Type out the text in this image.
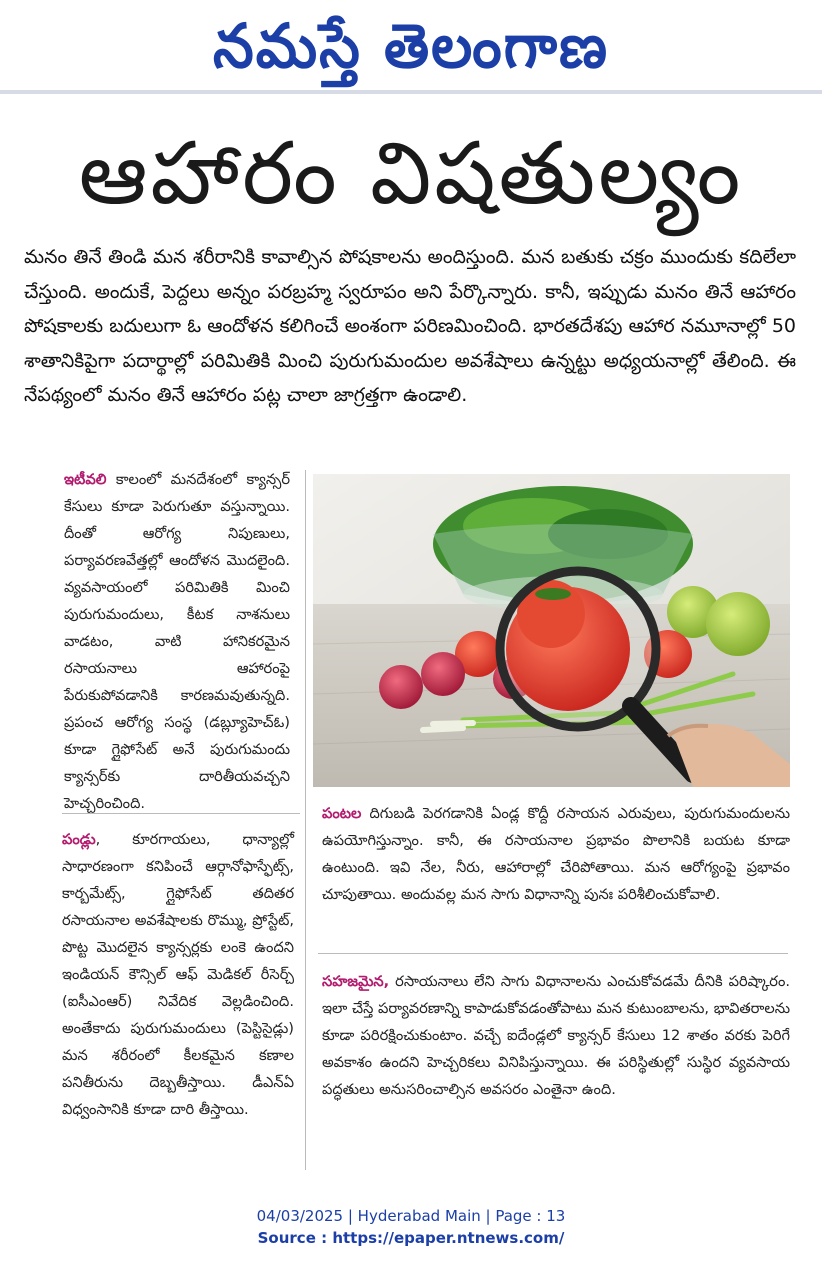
నమస్తే తెలంగాణ
ఆహారం విషతుల్యం
మనం తినే తిండి మన శరీరానికి కావాల్సిన పోషకాలను అందిస్తుంది. మన బతుకు చక్రం ముందుకు కదిలేలా చేస్తుంది. అందుకే, పెద్దలు అన్నం పరబ్రహ్మ స్వరూపం అని పేర్కొన్నారు. కానీ, ఇప్పుడు మనం తినే ఆహారం పోషకాలకు బదులుగా ఓ ఆందోళన కలిగించే అంశంగా పరిణమించింది. భారతదేశపు ఆహార నమూనాల్లో 50 శాతానికిపైగా పదార్థాల్లో పరిమితికి మించి పురుగుమందుల అవశేషాలు ఉన్నట్టు అధ్యయనాల్లో తేలింది. ఈ నేపథ్యంలో మనం తినే ఆహారం పట్ల చాలా జాగ్రత్తగా ఉండాలి.
ఇటీవలి కాలంలో మనదేశంలో క్యాన్సర్ కేసులు కూడా పెరుగుతూ వస్తున్నాయి. దీంతో ఆరోగ్య నిపుణులు, పర్యావరణవేత్తల్లో ఆందోళన మొదలైంది. వ్యవసాయంలో పరిమితికి మించి పురుగుమందులు, కీటక నాశనులు వాడటం, వాటి హానికరమైన రసాయనాలు ఆహారంపై పేరుకుపోవడానికి కారణమవుతున్నది. ప్రపంచ ఆరోగ్య సంస్థ (డబ్ల్యూహెచ్ఓ) కూడా గ్లైఫోసేట్ అనే పురుగుమందు క్యాన్సర్‌కు దారితీయవచ్చని హెచ్చరించింది.
పండ్లు, కూరగాయలు, ధాన్యాల్లో సాధారణంగా కనిపించే ఆర్గానోఫాస్ఫేట్స్, కార్బమేట్స్, గ్లైఫోసేట్ తదితర రసాయనాల అవశేషాలకు రొమ్ము, ప్రోస్టేట్, పొట్ట మొదలైన క్యాన్సర్లకు లంకె ఉందని ఇండియన్ కౌన్సిల్ ఆఫ్ మెడికల్ రీసెర్చ్ (ఐసీఎంఆర్) నివేదిక వెల్లడించింది. అంతేకాదు పురుగుమందులు (పెస్టిసైడ్లు) మన శరీరంలో కీలకమైన కణాల పనితీరును దెబ్బతీస్తాయి. డీఎన్ఏ విధ్వంసానికి కూడా దారి తీస్తాయి.
పంటల దిగుబడి పెరగడానికి ఏండ్ల కొద్దీ రసాయన ఎరువులు, పురుగుమందులను ఉపయోగిస్తున్నాం. కానీ, ఈ రసాయనాల ప్రభావం పొలానికి బయట కూడా ఉంటుంది. ఇవి నేల, నీరు, ఆహారాల్లో చేరిపోతాయి. మన ఆరోగ్యంపై ప్రభావం చూపుతాయి. అందువల్ల మన సాగు విధానాన్ని పునః పరిశీలించుకోవాలి.
సహజమైన, రసాయనాలు లేని సాగు విధానాలను ఎంచుకోవడమే దీనికి పరిష్కారం. ఇలా చేస్తే పర్యావరణాన్ని కాపాడుకోవడంతోపాటు మన కుటుంబాలను, భావితరాలను కూడా పరిరక్షించుకుంటాం. వచ్చే ఐదేండ్లలో క్యాన్సర్ కేసులు 12 శాతం వరకు పెరిగే అవకాశం ఉందని హెచ్చరికలు వినిపిస్తున్నాయి. ఈ పరిస్థితుల్లో సుస్థిర వ్యవసాయ పద్ధతులు అనుసరించాల్సిన అవసరం ఎంతైనా ఉంది.
04/03/2025 | Hyderabad Main | Page : 13
Source : https://epaper.ntnews.com/
